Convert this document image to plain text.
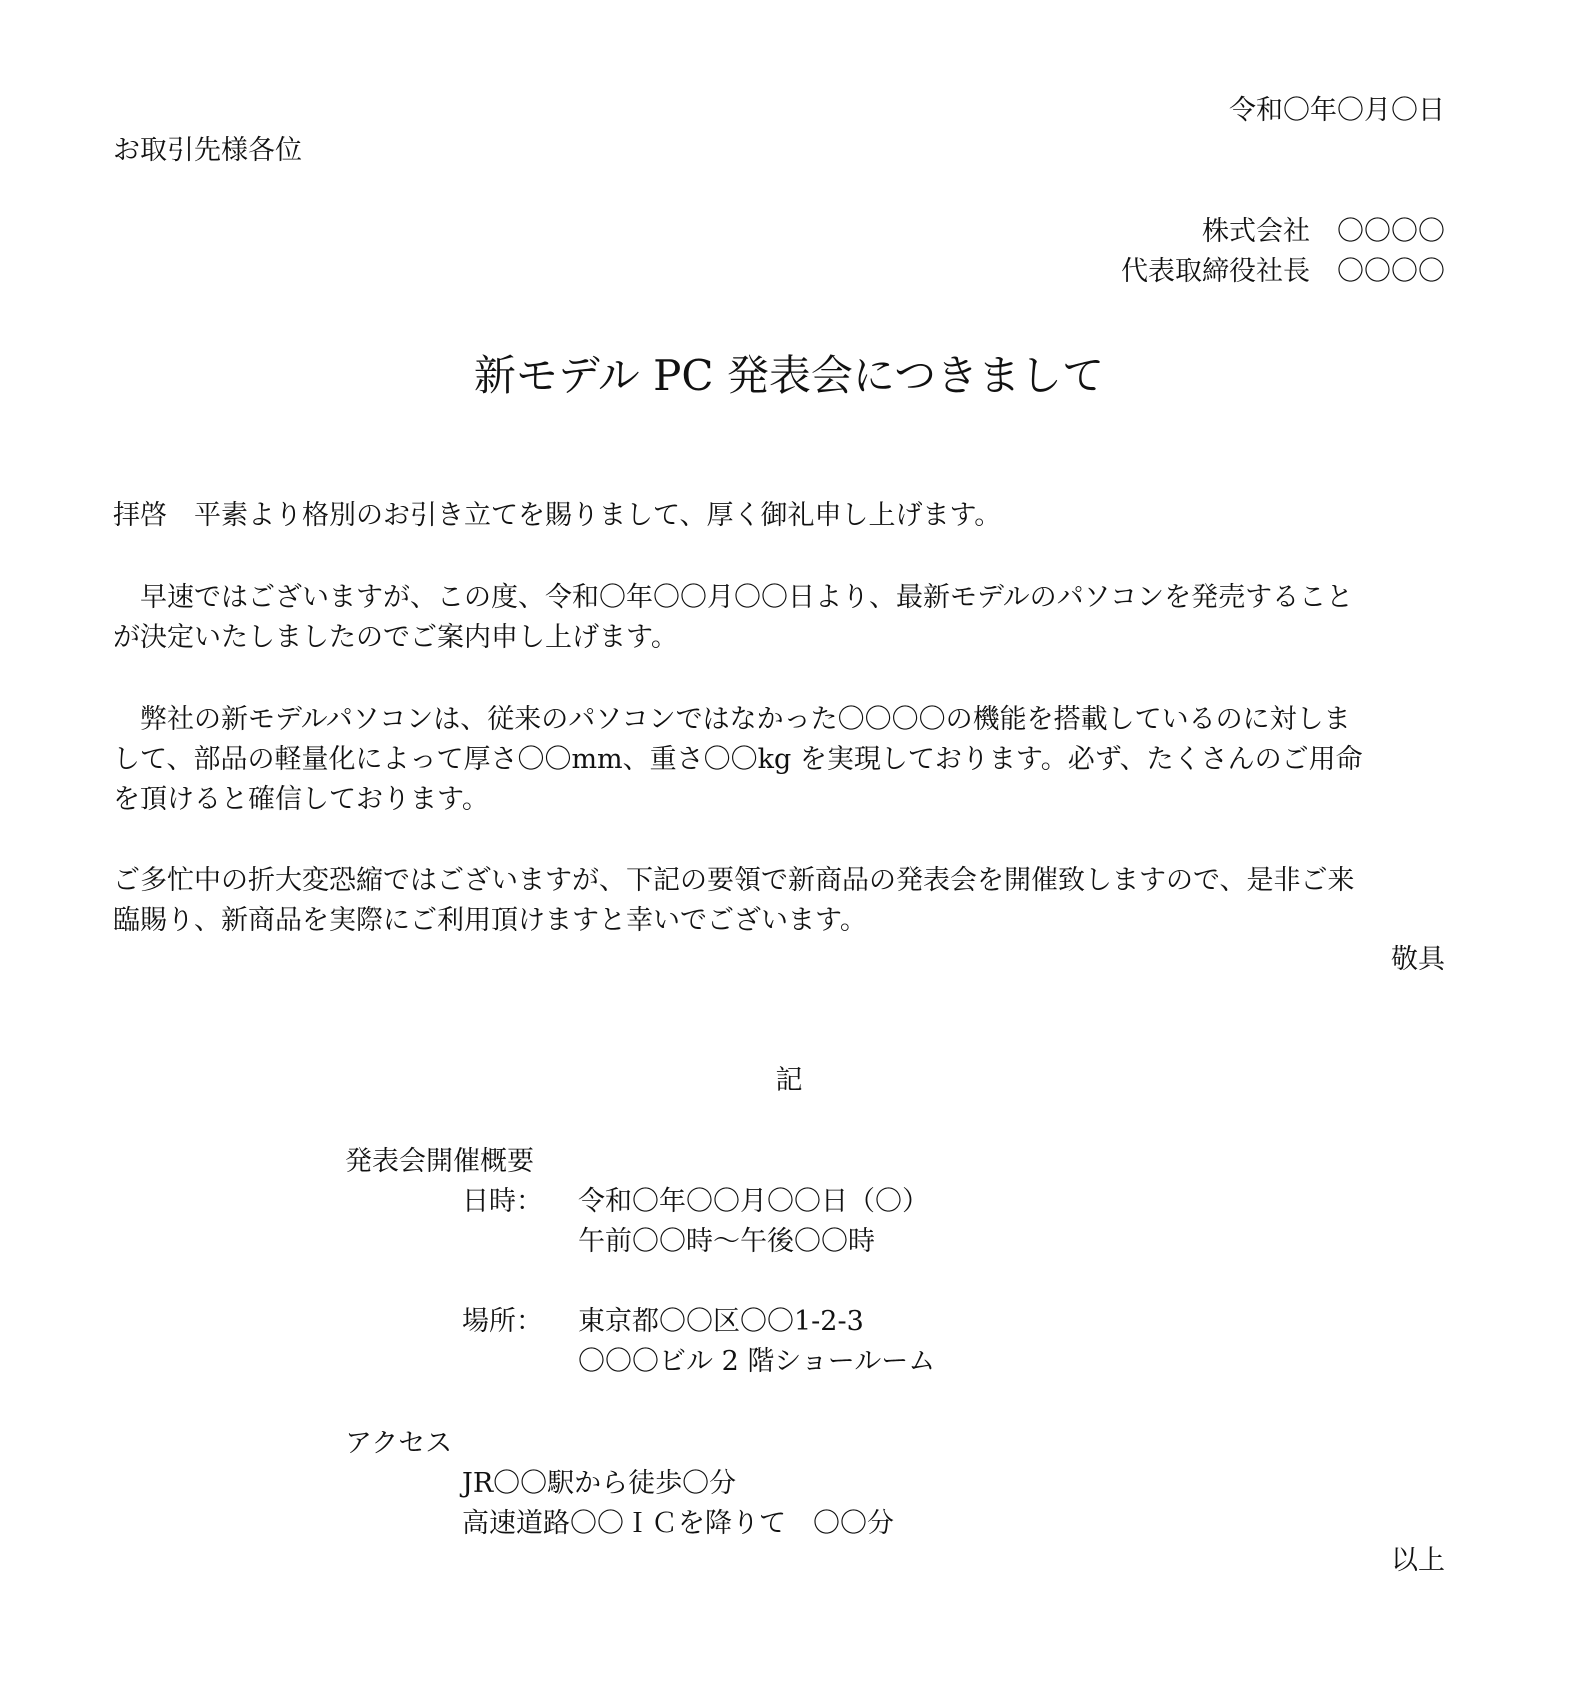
令和〇年〇月〇日
お取引先様各位
株式会社　〇〇〇〇
代表取締役社長　〇〇〇〇
新モデル PC 発表会につきまして
拝啓　平素より格別のお引き立てを賜りまして、厚く御礼申し上げます。
　早速ではございますが、この度、令和〇年〇〇月〇〇日より、最新モデルのパソコンを発売すること
が決定いたしましたのでご案内申し上げます。
　弊社の新モデルパソコンは、従来のパソコンではなかった〇〇〇〇の機能を搭載しているのに対しま
して、部品の軽量化によって厚さ〇〇mm、重さ〇〇kg を実現しております。必ず、たくさんのご用命
を頂けると確信しております。
ご多忙中の折大変恐縮ではございますが、下記の要領で新商品の発表会を開催致しますので、是非ご来
臨賜り、新商品を実際にご利用頂けますと幸いでございます。
敬具
記
発表会開催概要
日時： 令和〇年〇〇月〇〇日（〇）
午前〇〇時～午後〇〇時
場所： 東京都〇〇区〇〇1-2-3
〇〇〇ビル 2 階ショールーム
アクセス
JR〇〇駅から徒歩〇分
高速道路〇〇ＩＣを降りて　〇〇分
以上
